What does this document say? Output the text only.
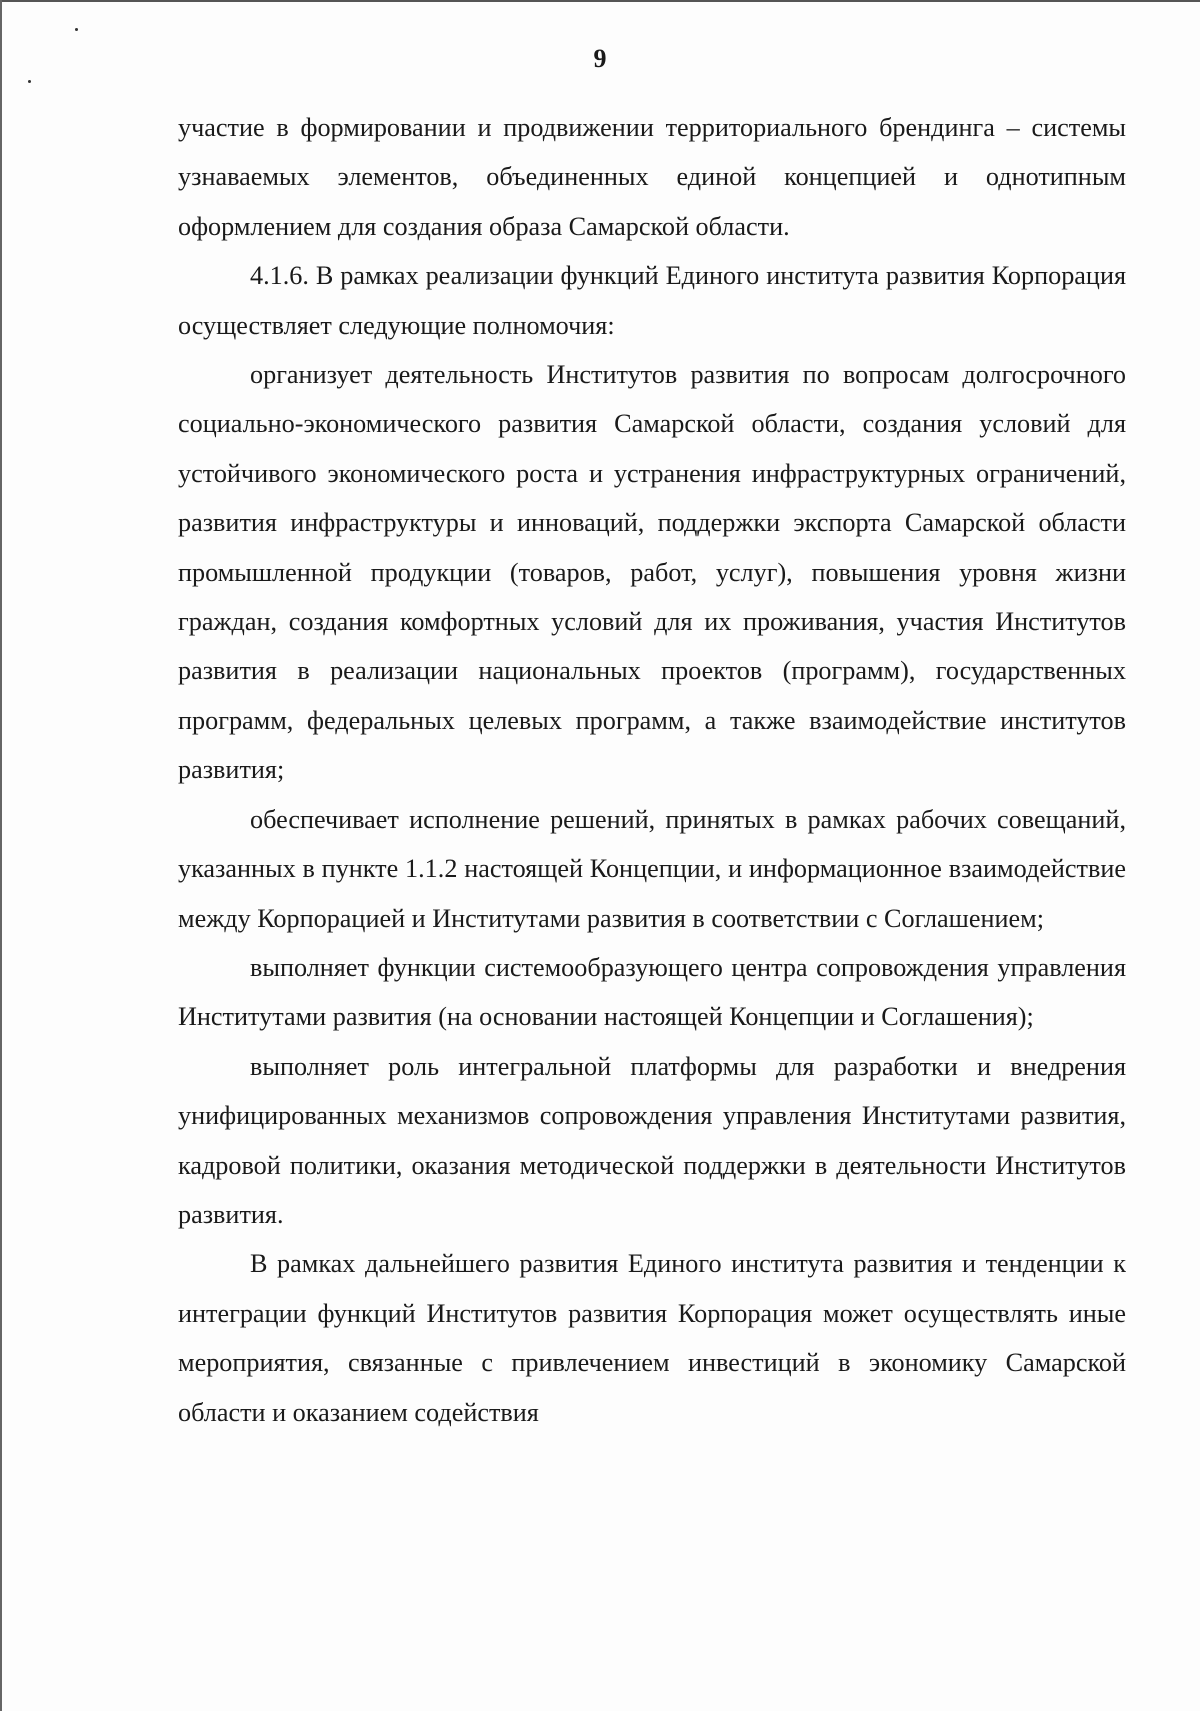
9

участие в формировании и продвижении территориального брендинга – системы узнаваемых элементов, объединенных единой концепцией и однотипным оформлением для создания образа Самарской области.

4.1.6. В рамках реализации функций Единого института развития Корпорация осуществляет следующие полномочия:

организует деятельность Институтов развития по вопросам долгосрочного социально-экономического развития Самарской области, создания условий для устойчивого экономического роста и устранения инфраструктурных ограничений, развития инфраструктуры и инноваций, поддержки экспорта Самарской области промышленной продукции (товаров, работ, услуг), повышения уровня жизни граждан, создания комфортных условий для их проживания, участия Институтов развития в реализации национальных проектов (программ), государственных программ, федеральных целевых программ, а также взаимодействие институтов развития;

обеспечивает исполнение решений, принятых в рамках рабочих совещаний, указанных в пункте 1.1.2 настоящей Концепции, и информационное взаимодействие между Корпорацией и Институтами развития в соответствии с Соглашением;

выполняет функции системообразующего центра сопровождения управления Институтами развития (на основании настоящей Концепции и Соглашения);

выполняет роль интегральной платформы для разработки и внедрения унифицированных механизмов сопровождения управления Институтами развития, кадровой политики, оказания методической поддержки в деятельности Институтов развития.

В рамках дальнейшего развития Единого института развития и тенденции к интеграции функций Институтов развития Корпорация может осуществлять иные мероприятия, связанные с привлечением инвестиций в экономику Самарской области и оказанием содействия
